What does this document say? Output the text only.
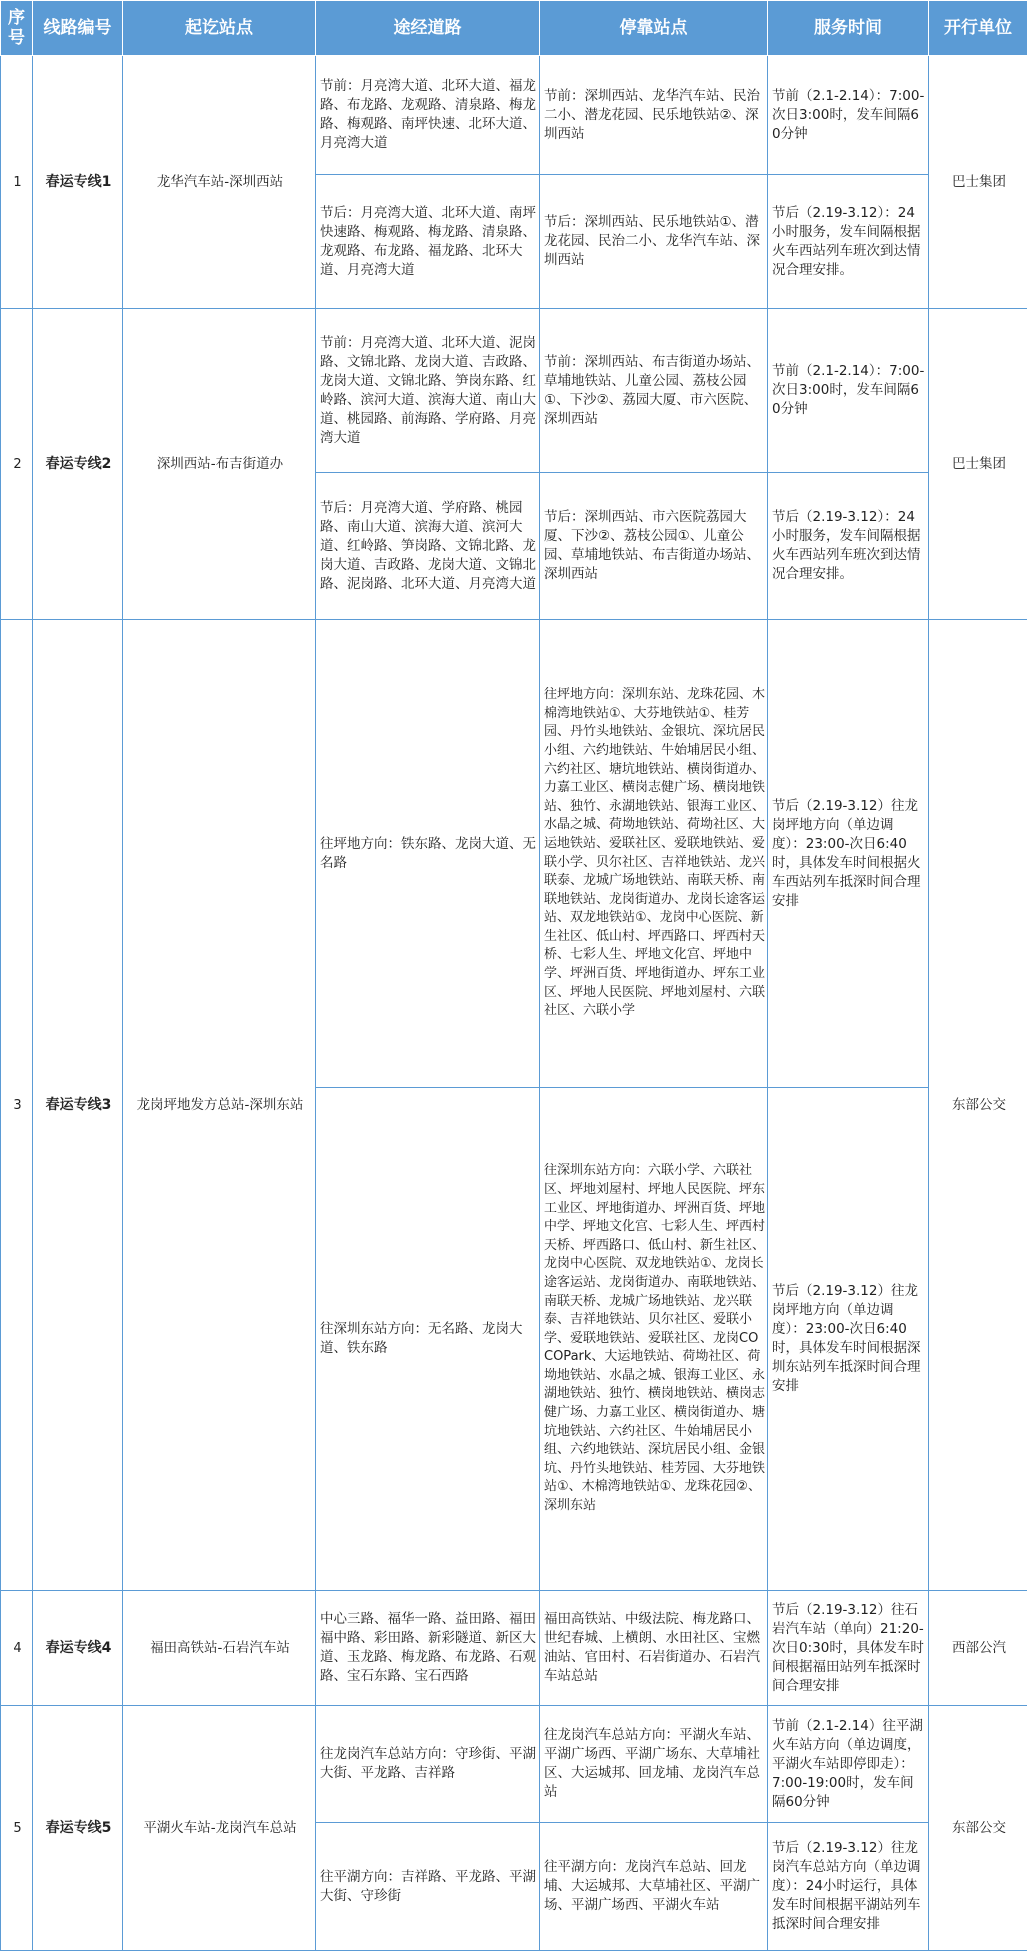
序号	线路编号	起讫站点	途经道路	停靠站点	服务时间	开行单位
1	春运专线1	龙华汽车站-深圳西站	节前：月亮湾大道、北环大道、福龙路、布龙路、龙观路、清泉路、梅龙路、梅观路、南坪快速、北环大道、月亮湾大道	节前：深圳西站、龙华汽车站、民治二小、潜龙花园、民乐地铁站②、深圳西站	节前（2.1-2.14）：7:00-次日3:00时，发车间隔60分钟	巴士集团
			节后：月亮湾大道、北环大道、南坪快速路、梅观路、梅龙路、清泉路、龙观路、布龙路、福龙路、北环大道、月亮湾大道	节后：深圳西站、民乐地铁站①、潜龙花园、民治二小、龙华汽车站、深圳西站	节后（2.19-3.12）：24小时服务，发车间隔根据火车西站列车班次到达情况合理安排。	
2	春运专线2	深圳西站-布吉街道办	节前：月亮湾大道、北环大道、泥岗路、文锦北路、龙岗大道、吉政路、龙岗大道、文锦北路、笋岗东路、红岭路、滨河大道、滨海大道、南山大道、桃园路、前海路、学府路、月亮湾大道	节前：深圳西站、布吉街道办场站、草埔地铁站、儿童公园、荔枝公园①、下沙②、荔园大厦、市六医院、深圳西站	节前（2.1-2.14）：7:00-次日3:00时，发车间隔60分钟	巴士集团
			节后：月亮湾大道、学府路、桃园路、南山大道、滨海大道、滨河大道、红岭路、笋岗路、文锦北路、龙岗大道、吉政路、龙岗大道、文锦北路、泥岗路、北环大道、月亮湾大道	节后：深圳西站、市六医院荔园大厦、下沙②、荔枝公园①、儿童公园、草埔地铁站、布吉街道办场站、深圳西站	节后（2.19-3.12）：24小时服务，发车间隔根据火车西站列车班次到达情况合理安排。	
3	春运专线3	龙岗坪地发方总站-深圳东站	往坪地方向：铁东路、龙岗大道、无名路	往坪地方向：深圳东站、龙珠花园、木棉湾地铁站①、大芬地铁站①、桂芳园、丹竹头地铁站、金银坑、深坑居民小组、六约地铁站、牛始埔居民小组、六约社区、塘坑地铁站、横岗街道办、力嘉工业区、横岗志健广场、横岗地铁站、独竹、永湖地铁站、银海工业区、水晶之城、荷坳地铁站、荷坳社区、大运地铁站、爱联社区、爱联地铁站、爱联小学、贝尔社区、吉祥地铁站、龙兴联泰、龙城广场地铁站、南联天桥、南联地铁站、龙岗街道办、龙岗长途客运站、双龙地铁站①、龙岗中心医院、新生社区、低山村、坪西路口、坪西村天桥、七彩人生、坪地文化宫、坪地中学、坪洲百货、坪地街道办、坪东工业区、坪地人民医院、坪地刘屋村、六联社区、六联小学	节后（2.19-3.12）往龙岗坪地方向（单边调度）：23:00-次日6:40时，具体发车时间根据火车西站列车抵深时间合理安排	东部公交
			往深圳东站方向：无名路、龙岗大道、铁东路	往深圳东站方向：六联小学、六联社区、坪地刘屋村、坪地人民医院、坪东工业区、坪地街道办、坪洲百货、坪地中学、坪地文化宫、七彩人生、坪西村天桥、坪西路口、低山村、新生社区、龙岗中心医院、双龙地铁站①、龙岗长途客运站、龙岗街道办、南联地铁站、南联天桥、龙城广场地铁站、龙兴联泰、吉祥地铁站、贝尔社区、爱联小学、爱联地铁站、爱联社区、龙岗COCOPark、大运地铁站、荷坳社区、荷坳地铁站、水晶之城、银海工业区、永湖地铁站、独竹、横岗地铁站、横岗志健广场、力嘉工业区、横岗街道办、塘坑地铁站、六约社区、牛始埔居民小组、六约地铁站、深坑居民小组、金银坑、丹竹头地铁站、桂芳园、大芬地铁站①、木棉湾地铁站①、龙珠花园②、深圳东站	节后（2.19-3.12）往龙岗坪地方向（单边调度）：23:00-次日6:40时，具体发车时间根据深圳东站列车抵深时间合理安排	
4	春运专线4	福田高铁站-石岩汽车站	中心三路、福华一路、益田路、福田福中路、彩田路、新彩隧道、新区大道、玉龙路、梅龙路、布龙路、石观路、宝石东路、宝石西路	福田高铁站、中级法院、梅龙路口、世纪春城、上横朗、水田社区、宝燃油站、官田村、石岩街道办、石岩汽车站总站	节后（2.19-3.12）往石岩汽车站（单向）21:20-次日0:30时，具体发车时间根据福田站列车抵深时间合理安排	西部公汽
5	春运专线5	平湖火车站-龙岗汽车总站	往龙岗汽车总站方向：守珍街、平湖大街、平龙路、吉祥路	往龙岗汽车总站方向：平湖火车站、平湖广场西、平湖广场东、大草埔社区、大运城邦、回龙埔、龙岗汽车总站	节前（2.1-2.14）往平湖火车站方向（单边调度，平湖火车站即停即走）：7:00-19:00时，发车间隔60分钟	东部公交
			往平湖方向：吉祥路、平龙路、平湖大街、守珍街	往平湖方向：龙岗汽车总站、回龙埔、大运城邦、大草埔社区、平湖广场、平湖广场西、平湖火车站	节后（2.19-3.12）往龙岗汽车总站方向（单边调度）：24小时运行，具体发车时间根据平湖站列车抵深时间合理安排	
